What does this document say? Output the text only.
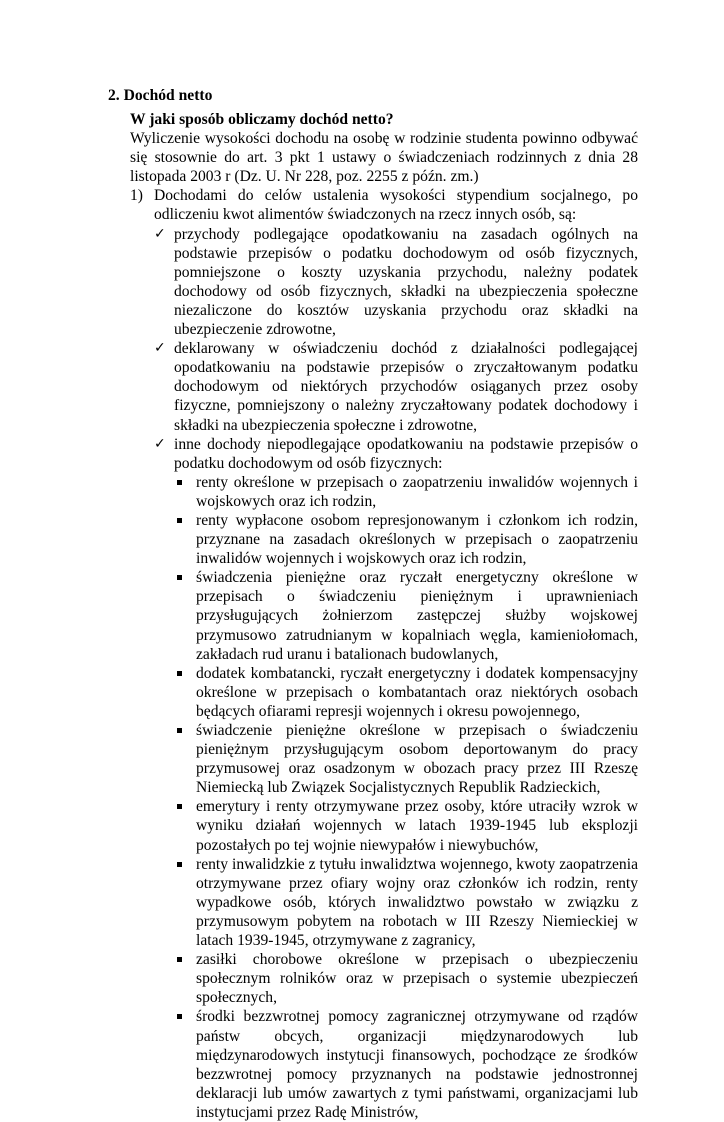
2. Dochód netto

W jaki sposób obliczamy dochód netto?

Wyliczenie wysokości dochodu na osobę w rodzinie studenta powinno odbywać się stosownie do art. 3 pkt 1 ustawy o świadczeniach rodzinnych z dnia 28 listopada 2003 r (Dz. U. Nr 228, poz. 2255 z późn. zm.)

1) Dochodami do celów ustalenia wysokości stypendium socjalnego, po odliczeniu kwot alimentów świadczonych na rzecz innych osób, są:

✓ przychody podlegające opodatkowaniu na zasadach ogólnych na podstawie przepisów o podatku dochodowym od osób fizycznych, pomniejszone o koszty uzyskania przychodu, należny podatek dochodowy od osób fizycznych, składki na ubezpieczenia społeczne niezaliczone do kosztów uzyskania przychodu oraz składki na ubezpieczenie zdrowotne,

✓ deklarowany w oświadczeniu dochód z działalności podlegającej opodatkowaniu na podstawie przepisów o zryczałtowanym podatku dochodowym od niektórych przychodów osiąganych przez osoby fizyczne, pomniejszony o należny zryczałtowany podatek dochodowy i składki na ubezpieczenia społeczne i zdrowotne,

✓ inne dochody niepodlegające opodatkowaniu na podstawie przepisów o podatku dochodowym od osób fizycznych:

renty określone w przepisach o zaopatrzeniu inwalidów wojennych i wojskowych oraz ich rodzin,

renty wypłacone osobom represjonowanym i członkom ich rodzin, przyznane na zasadach określonych w przepisach o zaopatrzeniu inwalidów wojennych i wojskowych oraz ich rodzin,

świadczenia pieniężne oraz ryczałt energetyczny określone w przepisach o świadczeniu pieniężnym i uprawnieniach przysługujących żołnierzom zastępczej służby wojskowej przymusowo zatrudnianym w kopalniach węgla, kamieniołomach, zakładach rud uranu i batalionach budowlanych,

dodatek kombatancki, ryczałt energetyczny i dodatek kompensacyjny określone w przepisach o kombatantach oraz niektórych osobach będących ofiarami represji wojennych i okresu powojennego,

świadczenie pieniężne określone w przepisach o świadczeniu pieniężnym przysługującym osobom deportowanym do pracy przymusowej oraz osadzonym w obozach pracy przez III Rzeszę Niemiecką lub Związek Socjalistycznych Republik Radzieckich,

emerytury i renty otrzymywane przez osoby, które utraciły wzrok w wyniku działań wojennych w latach 1939-1945 lub eksplozji pozostałych po tej wojnie niewypałów i niewybuchów,

renty inwalidzkie z tytułu inwalidztwa wojennego, kwoty zaopatrzenia otrzymywane przez ofiary wojny oraz członków ich rodzin, renty wypadkowe osób, których inwalidztwo powstało w związku z przymusowym pobytem na robotach w III Rzeszy Niemieckiej w latach 1939-1945, otrzymywane z zagranicy,

zasiłki chorobowe określone w przepisach o ubezpieczeniu społecznym rolników oraz w przepisach o systemie ubezpieczeń społecznych,

środki bezzwrotnej pomocy zagranicznej otrzymywane od rządów państw obcych, organizacji międzynarodowych lub międzynarodowych instytucji finansowych, pochodzące ze środków bezzwrotnej pomocy przyznanych na podstawie jednostronnej deklaracji lub umów zawartych z tymi państwami, organizacjami lub instytucjami przez Radę Ministrów,
